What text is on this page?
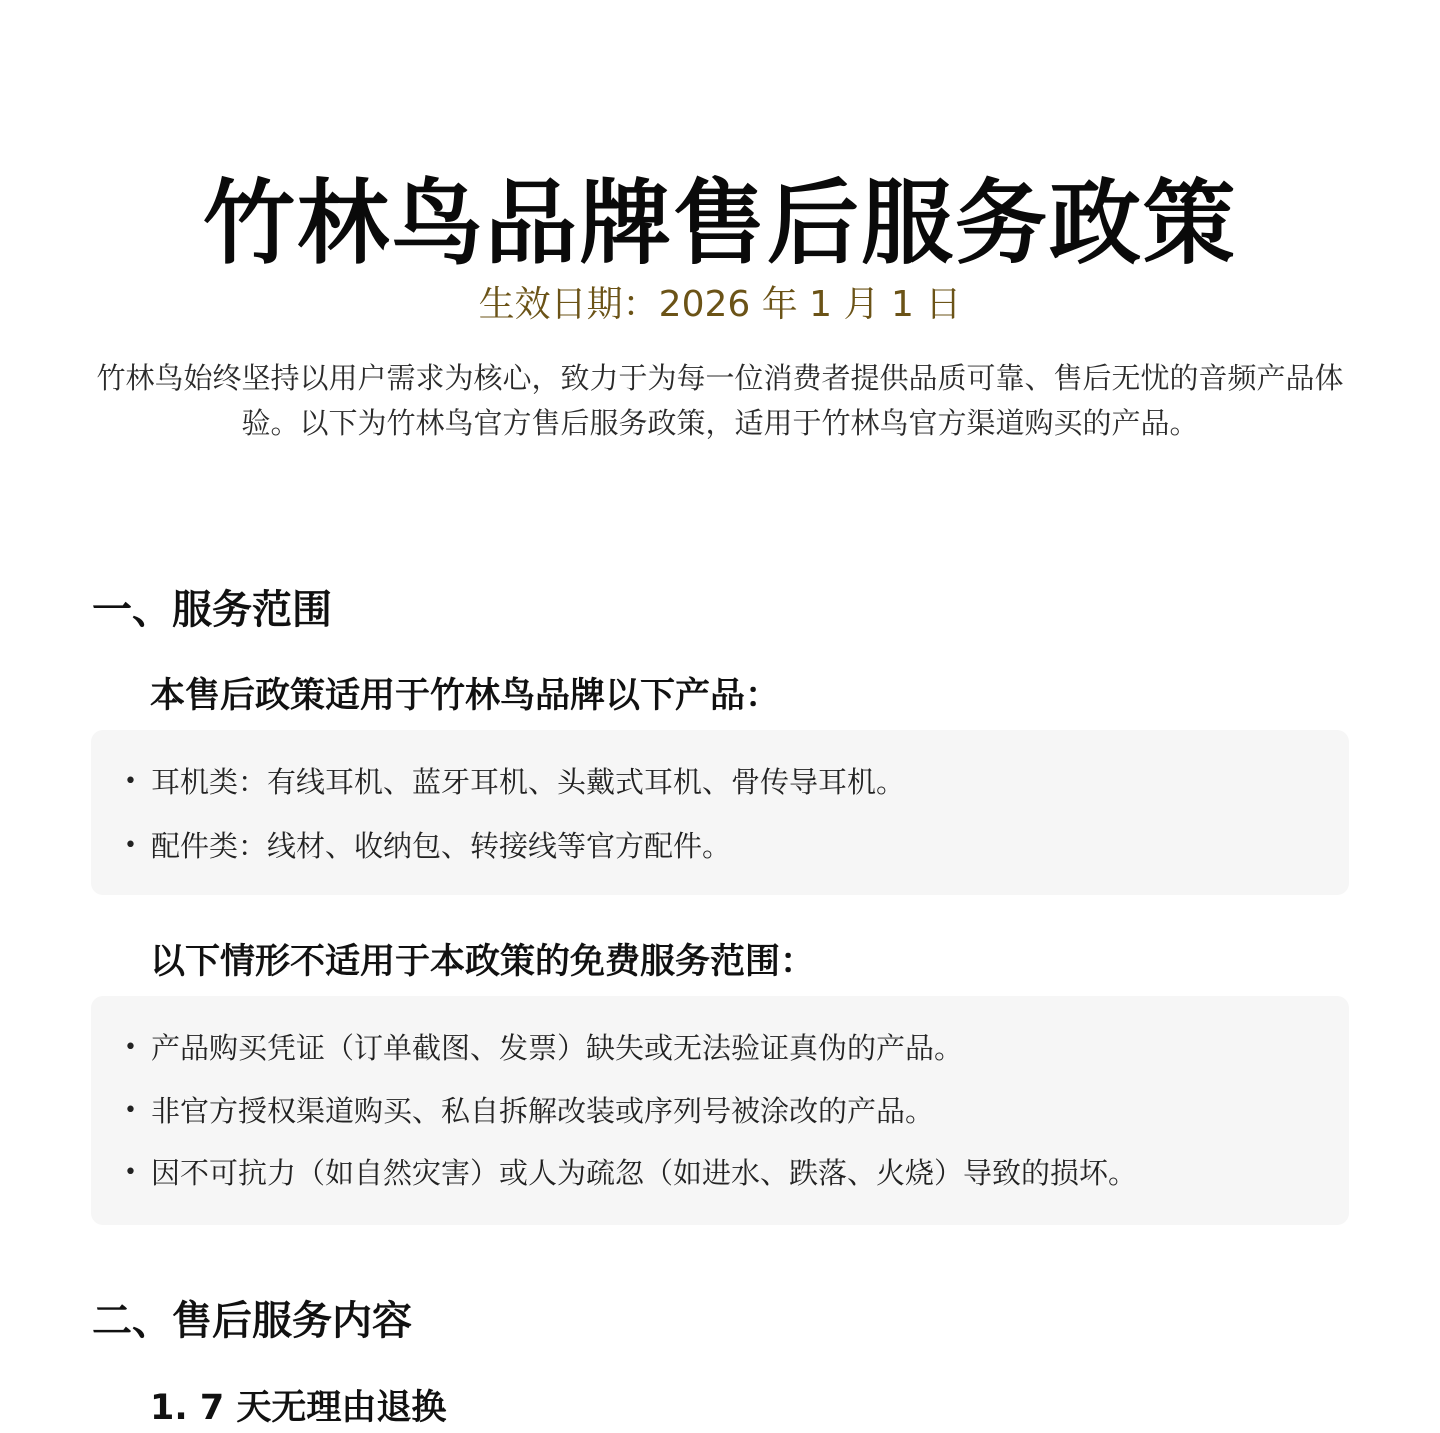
竹林鸟品牌售后服务政策
生效日期：2026 年 1 月 1 日

竹林鸟始终坚持以用户需求为核心，致力于为每一位消费者提供品质可靠、售后无忧的音频产品体验。以下为竹林鸟官方售后服务政策，适用于竹林鸟官方渠道购买的产品。

一、服务范围
本售后政策适用于竹林鸟品牌以下产品：
• 耳机类：有线耳机、蓝牙耳机、头戴式耳机、骨传导耳机。
• 配件类：线材、收纳包、转接线等官方配件。
以下情形不适用于本政策的免费服务范围：
• 产品购买凭证（订单截图、发票）缺失或无法验证真伪的产品。
• 非官方授权渠道购买、私自拆解改装或序列号被涂改的产品。
• 因不可抗力（如自然灾害）或人为疏忽（如进水、跌落、火烧）导致的损坏。
二、售后服务内容
1. 7 天无理由退换
